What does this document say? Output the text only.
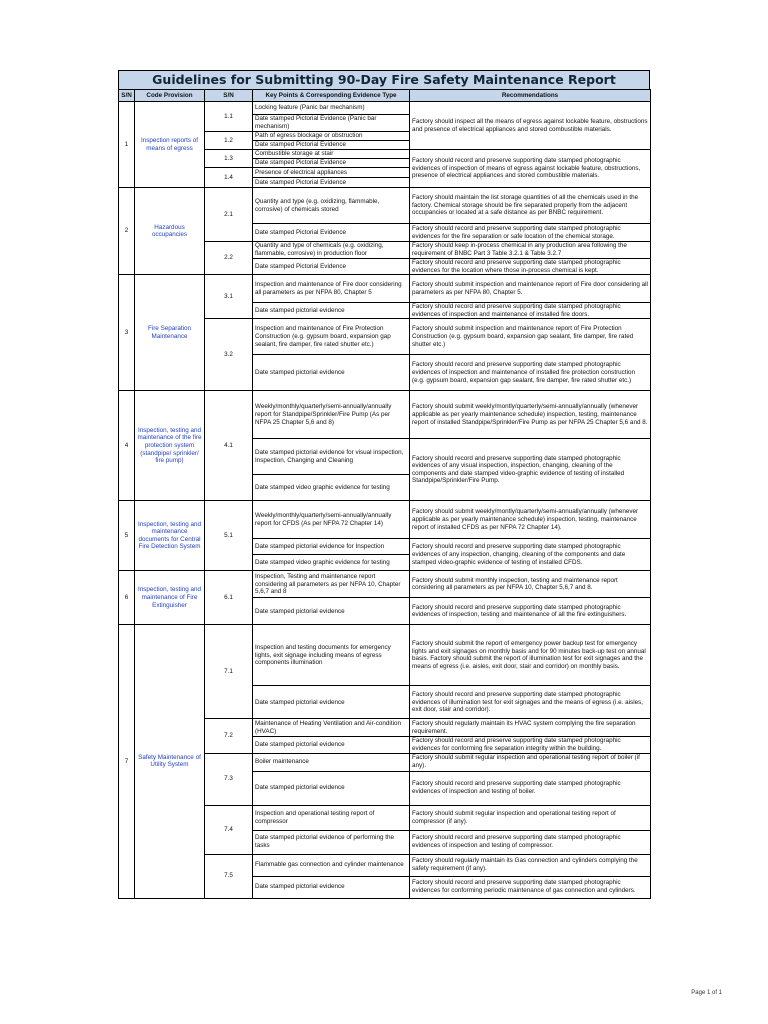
Guidelines for Submitting 90-Day Fire Safety Maintenance Report
S/N	Code Provision	S/N	Key Points & Corresponding Evidence Type	Recommendations
1	Inspection reports of means of egress	1.1	Locking feature (Panic bar mechanism)	Factory should inspect all the means of egress against lockable feature, obstructions and presence of electrical appliances and stored combustible materials.
			Date stamped Pictorial Evidence (Panic bar mechanism)	
		1.2	Path of egress blockage or obstruction	
			Date stamped Pictorial Evidence	
		1.3	Combustible storage at stair	Factory should record and preserve supporting date stamped photographic evidences of inspection of means of egress against lockable feature, obstructions, presence of electrical appliances and stored combustible materials.
			Date stamped Pictorial Evidence	
		1.4	Presence of electrical appliances	
			Date stamped Pictorial Evidence	
2	Hazardous occupancies	2.1	Quantity and type (e.g. oxidizing, flammable, corrosive) of chemicals stored	Factory should maintain the list storage quantities of all the chemicals used in the factory. Chemical storage should be fire separated properly from the adjacent occupancies or located at a safe distance as per BNBC requirement.
			Date stamped Pictorial Evidence	Factory should record and preserve supporting date stamped photographic evidences for the fire separation or safe location of the chemical storage.
		2.2	Quantity and type of chemicals (e.g. oxidizing, flammable, corrosive) in production floor	Factory should keep in-process chemical in any production area following the requirement of BNBC Part 3 Table 3.2.1 & Table 3.2.7
			Date stamped Pictorial Evidence	Factory should record and preserve supporting date stamped photographic evidences for the location where those in-process chemical is kept.
3	Fire Separation Maintenance	3.1	Inspection and maintenance of Fire door considering all parameters as per NFPA 80, Chapter 5	Factory should submit inspection and maintenance report of Fire door considering all parameters as per NFPA 80, Chapter 5.
			Date stamped pictorial evidence	Factory should record and preserve supporting date stamped photographic evidences of inspection and maintenance of installed fire doors.
		3.2	Inspection and maintenance of Fire Protection Construction (e.g. gypsum board, expansion gap sealant, fire damper, fire rated shutter etc.)	Factory should submit inspection and maintenance report of Fire Protection Construction (e.g. gypsum board, expansion gap sealant, fire damper, fire rated shutter etc.)
			Date stamped pictorial evidence	Factory should record and preserve supporting date stamped photographic evidences of inspection and maintenance of installed fire protection construction (e.g. gypsum board, expansion gap sealant, fire damper, fire rated shutter etc.)
4	Inspection, testing and maintenance of the fire protection system (standpipe/ sprinkler/ fire pump)	4.1	Weekly/monthly/quarterly/semi-annually/annually report for Standpipe/Sprinkler/Fire Pump (As per NFPA 25 Chapter 5,6 and 8)	Factory should submit weekly/montly/quarterly/semi-annually/annually (whenever applicable as per yearly maintenance schedule) inspection, testing, maintenance report of installed Standpipe/Sprinkler/Fire Pump as per NFPA 25 Chapter 5,6 and 8.
			Date stamped pictorial evidence for visual inspection, Inspection, Changing and Cleaning	Factory should record and preserve supporting date stamped photographic evidences of any visual inspection, inspection, changing, cleaning of the components and date stamped video-graphic evidence of testing of installed Standpipe/Sprinkler/Fire Pump.
			Date stamped video graphic evidence for testing	
5	Inspection, testing and maintenance documents for Central Fire Detection System	5.1	Weekly/monthly/quarterly/semi-annually/annually report for CFDS (As per NFPA 72 Chapter 14)	Factory should submit weekly/montly/quarterly/semi-annually/annually (whenever applicable as per yearly maintenance schedule) inspection, testing, maintenance report of installed CFDS as per NFPA 72 Chapter 14).
			Date stamped pictorial evidence for Inspection	Factory should record and preserve supporting date stamped photographic evidences of any inspection, changing, cleaning of the components and date stamped video-graphic evidence of testing of installed CFDS.
			Date stamped video graphic evidence for testing	
6	Inspection, testing and maintenance of Fire Extinguisher	6.1	Inspection, Testing and maintenance report considering all parameters as per NFPA 10, Chapter 5,6,7 and 8	Factory should submit monthly inspection, testing and maintenance report considering all parameters as per NFPA 10, Chapter 5,6,7 and 8.
			Date stamped pictorial evidence	Factory should record and preserve supporting date stamped photographic evidences of inspection, testing and maintenance of all the fire extinguishers.
7	Safety Maintenance of Utility System	7.1	Inspection and testing documents for emergency lights, exit signage including means of egress components illumination	Factory should submit the report of emergency power backup test for emergency lights and exit signages on monthly basis and for 90 minutes back-up test on annual basis. Factory should submit the report of illumination test for exit signages and the means of egress (i.e. aisles, exit door, stair and corridor) on monthly basis.
			Date stamped pictorial evidence	Factory should record and preserve supporting date stamped photographic evidences of illumination test for exit signages and the means of egress (i.e. aisles, exit door, stair and corridor).
		7.2	Maintenance of Heating Ventilation and Air-condition (HVAC)	Factory should regularly maintain its HVAC system complying the fire separation requirement.
			Date stamped pictorial evidence	Factory should record and preserve supporting date stamped photographic evidences for conforming fire separation integrity within the building.
		7.3	Boiler maintenance	Factory should submit regular inspection and operational testing report of boiler (if any).
			Date stamped pictorial evidence	Factory should record and preserve supporting date stamped photographic evidences of inspection and testing of boiler.
		7.4	Inspection and operational testing report of compressor	Factory should submit regular inspection and operational testing report of compressor (if any).
			Date stamped pictorial evidence of performing the tasks	Factory should record and preserve supporting date stamped photographic evidences of inspection and testing of compressor.
		7.5	Flammable gas connection and cylinder maintenance	Factory should regularly maintain its Gas connection and cylinders complying the safety requirement (if any).
			Date stamped pictorial evidence	Factory should record and preserve supporting date stamped photographic evidences for conforming periodic maintenance of gas connection and cylinders.
Page 1 of 1
